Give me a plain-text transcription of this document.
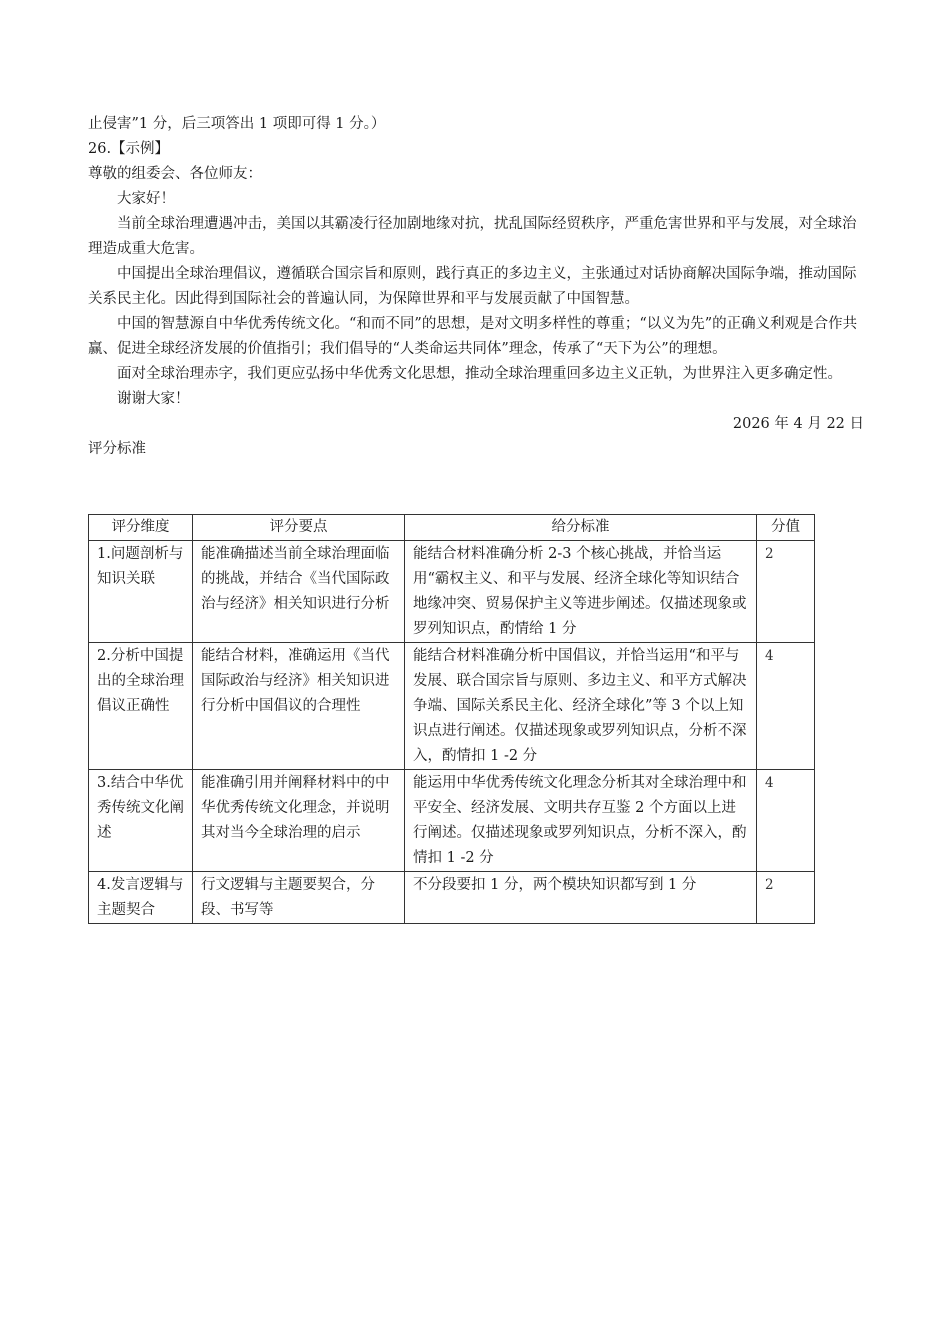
止侵害”1 分，后三项答出 1 项即可得 1 分。）

26.【示例】

尊敬的组委会、各位师友：

大家好！

当前全球治理遭遇冲击，美国以其霸凌行径加剧地缘对抗，扰乱国际经贸秩序，严重危害世界和平与发展，对全球治理造成重大危害。

中国提出全球治理倡议，遵循联合国宗旨和原则，践行真正的多边主义，主张通过对话协商解决国际争端，推动国际关系民主化。因此得到国际社会的普遍认同，为保障世界和平与发展贡献了中国智慧。

中国的智慧源自中华优秀传统文化。“和而不同”的思想，是对文明多样性的尊重；“以义为先”的正确义利观是合作共赢、促进全球经济发展的价值指引；我们倡导的“人类命运共同体”理念，传承了“天下为公”的理想。

面对全球治理赤字，我们更应弘扬中华优秀文化思想，推动全球治理重回多边主义正轨，为世界注入更多确定性。

谢谢大家！

2026 年 4 月 22 日

评分标准

评分维度	评分要点	给分标准	分值
1.问题剖析与知识关联	能准确描述当前全球治理面临的挑战，并结合《当代国际政治与经济》相关知识进行分析	能结合材料准确分析 2-3 个核心挑战，并恰当运用“霸权主义、和平与发展、经济全球化等知识结合地缘冲突、贸易保护主义等进步阐述。仅描述现象或罗列知识点，酌情给 1 分	2
2.分析中国提出的全球治理倡议正确性	能结合材料，准确运用《当代国际政治与经济》相关知识进行分析中国倡议的合理性	能结合材料准确分析中国倡议，并恰当运用“和平与发展、联合国宗旨与原则、多边主义、和平方式解决争端、国际关系民主化、经济全球化”等 3 个以上知识点进行阐述。仅描述现象或罗列知识点，分析不深入，酌情扣 1 -2 分	4
3.结合中华优秀传统文化阐述	能准确引用并阐释材料中的中华优秀传统文化理念，并说明其对当今全球治理的启示	能运用中华优秀传统文化理念分析其对全球治理中和平安全、经济发展、文明共存互鉴 2 个方面以上进行阐述。仅描述现象或罗列知识点，分析不深入，酌情扣 1 -2 分	4
4.发言逻辑与主题契合	行文逻辑与主题要契合，分段、书写等	不分段要扣 1 分，两个模块知识都写到 1 分	2
